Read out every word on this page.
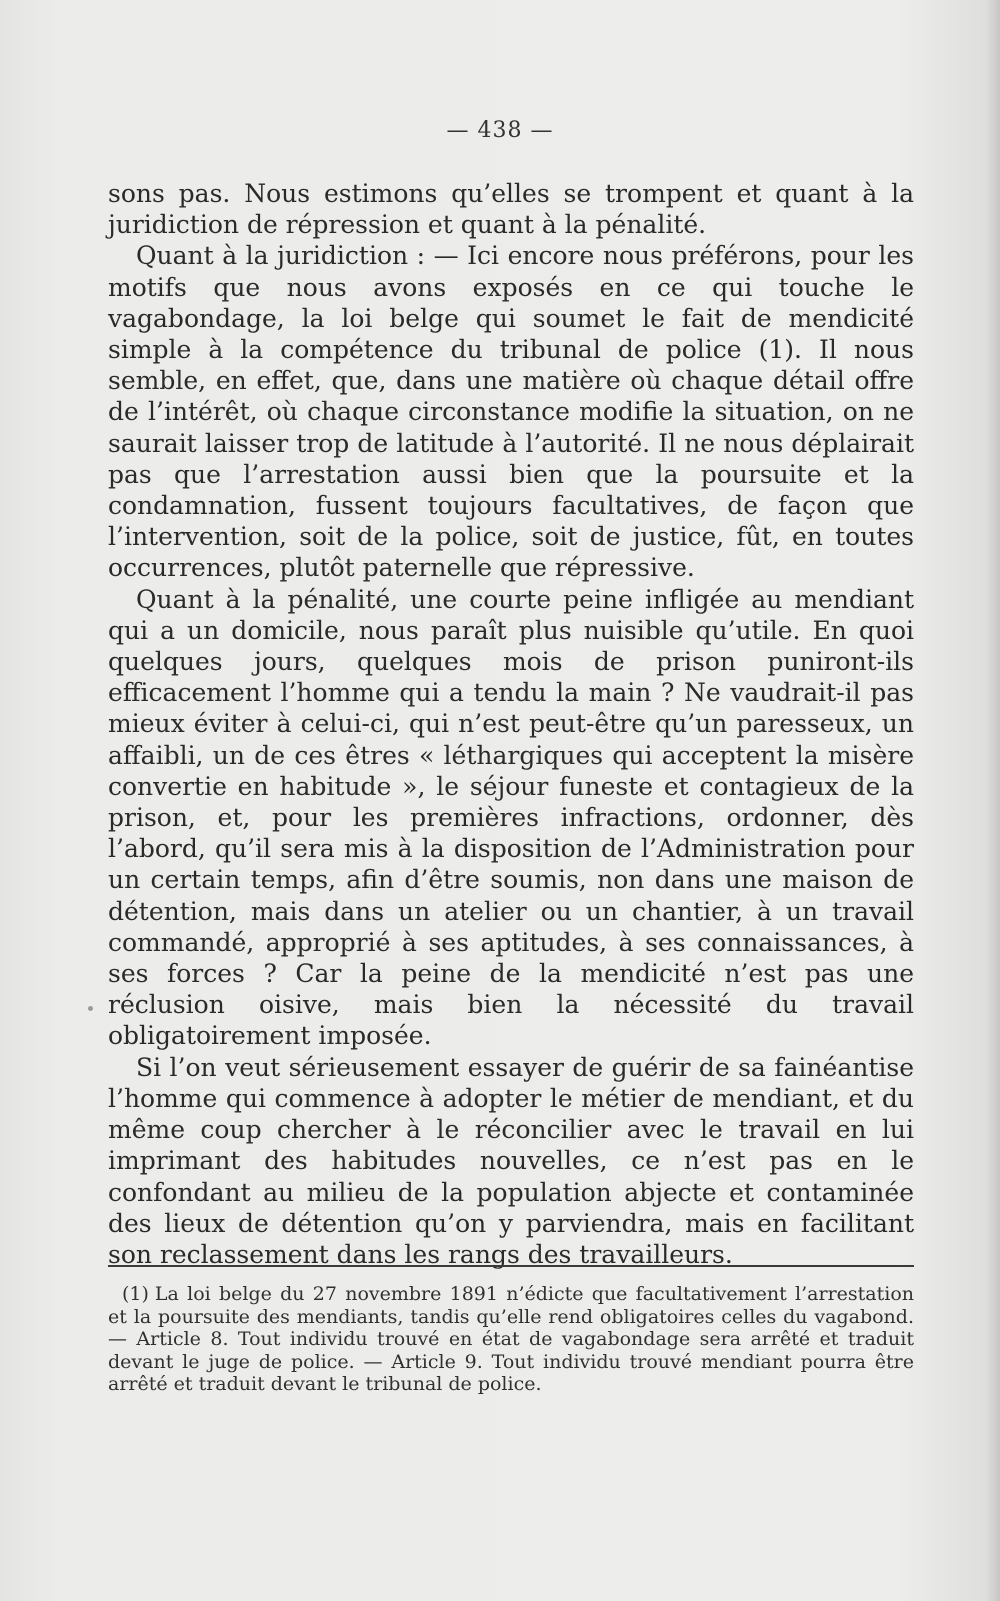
— 438 —

sons pas. Nous estimons qu’elles se trompent et quant à la juridiction de répression et quant à la pénalité.

Quant à la juridiction : — Ici encore nous préférons, pour les motifs que nous avons exposés en ce qui touche le vagabondage, la loi belge qui soumet le fait de mendicité simple à la compétence du tribunal de police (1). Il nous semble, en effet, que, dans une matière où chaque détail offre de l’intérêt, où chaque circonstance modifie la situation, on ne saurait laisser trop de latitude à l’autorité. Il ne nous déplairait pas que l’arrestation aussi bien que la poursuite et la condamnation, fussent toujours facultatives, de façon que l’intervention, soit de la police, soit de justice, fût, en toutes occurrences, plutôt paternelle que répressive.

Quant à la pénalité, une courte peine infligée au mendiant qui a un domicile, nous paraît plus nuisible qu’utile. En quoi quelques jours, quelques mois de prison puniront-ils efficacement l’homme qui a tendu la main ? Ne vaudrait-il pas mieux éviter à celui-ci, qui n’est peut-être qu’un paresseux, un affaibli, un de ces êtres « léthargiques qui acceptent la misère convertie en habitude », le séjour funeste et contagieux de la prison, et, pour les premières infractions, ordonner, dès l’abord, qu’il sera mis à la disposition de l’Administration pour un certain temps, afin d’être soumis, non dans une maison de détention, mais dans un atelier ou un chantier, à un travail commandé, approprié à ses aptitudes, à ses connaissances, à ses forces ? Car la peine de la mendicité n’est pas une réclusion oisive, mais bien la nécessité du travail obligatoirement imposée.

Si l’on veut sérieusement essayer de guérir de sa fainéantise l’homme qui commence à adopter le métier de mendiant, et du même coup chercher à le réconcilier avec le travail en lui imprimant des habitudes nouvelles, ce n’est pas en le confondant au milieu de la population abjecte et contaminée des lieux de détention qu’on y parviendra, mais en facilitant son reclassement dans les rangs des travailleurs.

(1) La loi belge du 27 novembre 1891 n’édicte que facultativement l’arrestation et la poursuite des mendiants, tandis qu’elle rend obligatoires celles du vagabond. — Article 8. Tout individu trouvé en état de vagabondage sera arrêté et traduit devant le juge de police. — Article 9. Tout individu trouvé mendiant pourra être arrêté et traduit devant le tribunal de police.
